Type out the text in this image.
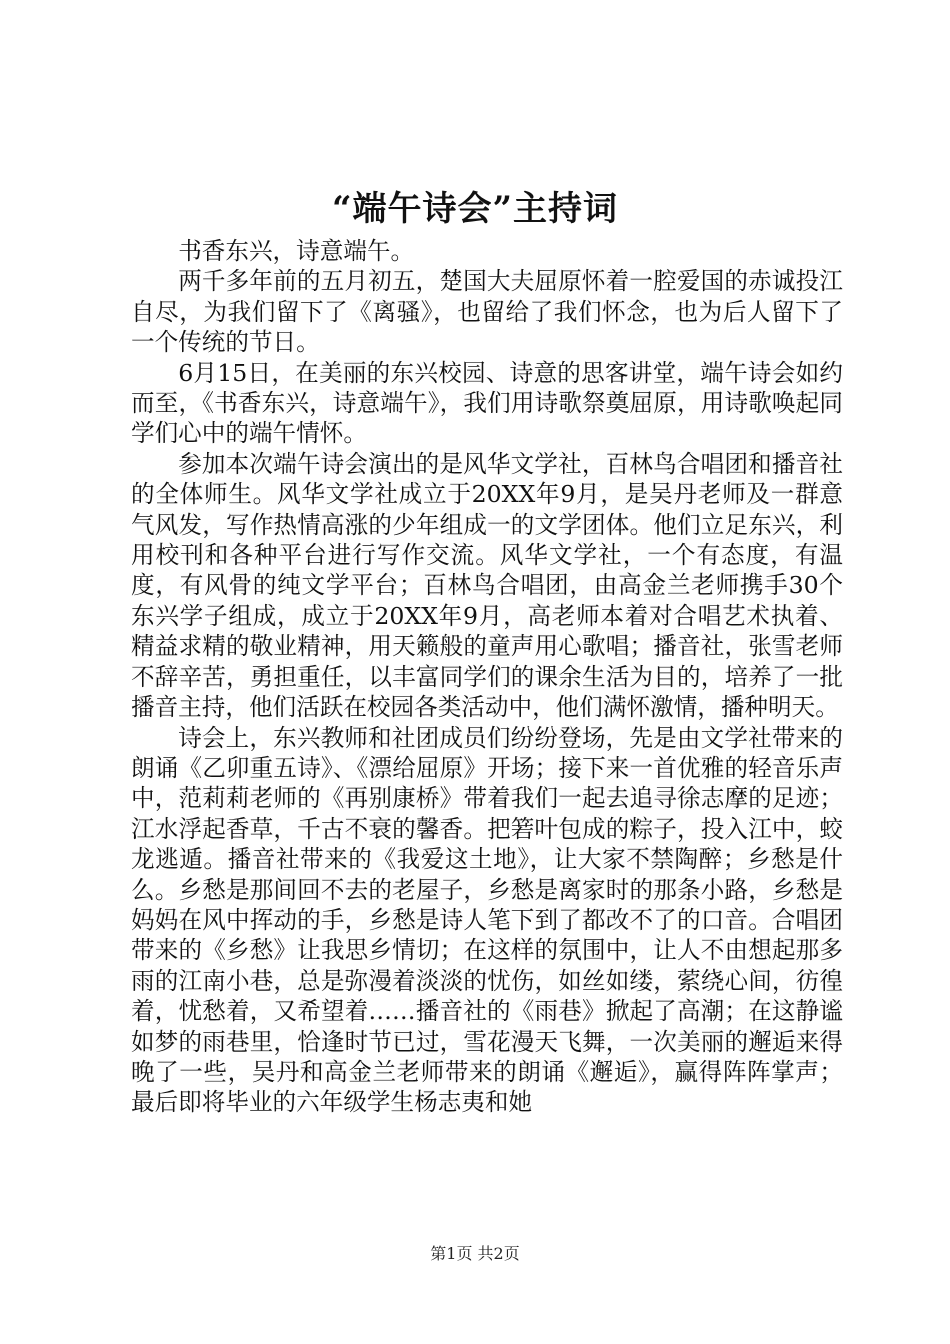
“端午诗会”主持词

书香东兴，诗意端午。

两千多年前的五月初五，楚国大夫屈原怀着一腔爱国的赤诚投江自尽，为我们留下了《离骚》，也留给了我们怀念，也为后人留下了一个传统的节日。

6月15日，在美丽的东兴校园、诗意的思客讲堂，端午诗会如约而至，《书香东兴，诗意端午》，我们用诗歌祭奠屈原，用诗歌唤起同学们心中的端午情怀。

参加本次端午诗会演出的是风华文学社，百林鸟合唱团和播音社的全体师生。风华文学社成立于20XX年9月，是吴丹老师及一群意气风发，写作热情高涨的少年组成一的文学团体。他们立足东兴，利用校刊和各种平台进行写作交流。风华文学社，一个有态度，有温度，有风骨的纯文学平台；百林鸟合唱团，由高金兰老师携手30个东兴学子组成，成立于20XX年9月，高老师本着对合唱艺术执着、精益求精的敬业精神，用天籁般的童声用心歌唱；播音社，张雪老师不辞辛苦，勇担重任，以丰富同学们的课余生活为目的，培养了一批播音主持，他们活跃在校园各类活动中，他们满怀激情，播种明天。

诗会上，东兴教师和社团成员们纷纷登场，先是由文学社带来的朗诵《乙卯重五诗》、《漂给屈原》开场；接下来一首优雅的轻音乐声中，范莉莉老师的《再别康桥》带着我们一起去追寻徐志摩的足迹；江水浮起香草，千古不衰的馨香。把箬叶包成的粽子，投入江中，蛟龙逃遁。播音社带来的《我爱这土地》，让大家不禁陶醉；乡愁是什么。乡愁是那间回不去的老屋子，乡愁是离家时的那条小路，乡愁是妈妈在风中挥动的手，乡愁是诗人笔下到了都改不了的口音。合唱团带来的《乡愁》让我思乡情切；在这样的氛围中，让人不由想起那多雨的江南小巷，总是弥漫着淡淡的忧伤，如丝如缕，萦绕心间，彷徨着，忧愁着，又希望着……播音社的《雨巷》掀起了高潮；在这静谧如梦的雨巷里，恰逢时节已过，雪花漫天飞舞，一次美丽的邂逅来得晚了一些，吴丹和高金兰老师带来的朗诵《邂逅》，赢得阵阵掌声；最后即将毕业的六年级学生杨志夷和她

第1页 共2页
